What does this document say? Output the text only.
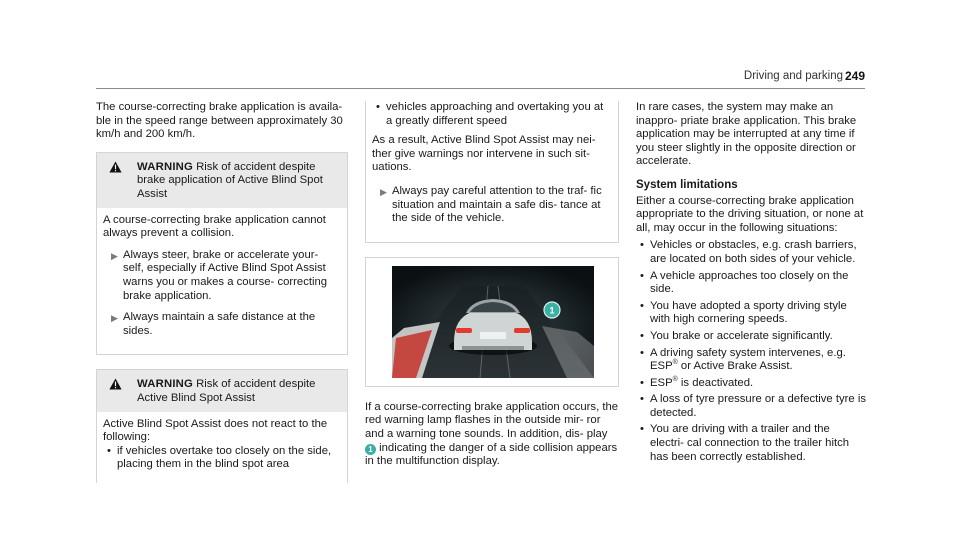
Driving and parking 249

The course-correcting brake application is availa- ble in the speed range between approximately 30 km/h and 200 km/h.

WARNING Risk of accident despite brake application of Active Blind Spot Assist
A course-correcting brake application cannot always prevent a collision.
▶ Always steer, brake or accelerate your- self, especially if Active Blind Spot Assist warns you or makes a course- correcting brake application.
▶ Always maintain a safe distance at the sides.
WARNING Risk of accident despite Active Blind Spot Assist
Active Blind Spot Assist does not react to the following:
• if vehicles overtake too closely on the side, placing them in the blind spot area
• vehicles approaching and overtaking you at a greatly different speed

As a result, Active Blind Spot Assist may nei- ther give warnings nor intervene in such sit- uations.

▶ Always pay careful attention to the traf- fic situation and maintain a safe dis- tance at the side of the vehicle.
1

If a course-correcting brake application occurs, the red warning lamp flashes in the outside mir- ror and a warning tone sounds. In addition, dis- play 1 indicating the danger of a side collision appears in the multifunction display.

In rare cases, the system may make an inappro- priate brake application. This brake application may be interrupted at any time if you steer slightly in the opposite direction or accelerate.

System limitations

Either a course-correcting brake application appropriate to the driving situation, or none at all, may occur in the following situations:

• Vehicles or obstacles, e.g. crash barriers, are located on both sides of your vehicle.
• A vehicle approaches too closely on the side.
• You have adopted a sporty driving style with high cornering speeds.
• You brake or accelerate significantly.
• A driving safety system intervenes, e.g. ESP® or Active Brake Assist.
• ESP® is deactivated.
• A loss of tyre pressure or a defective tyre is detected.
• You are driving with a trailer and the electri- cal connection to the trailer hitch has been correctly established.
